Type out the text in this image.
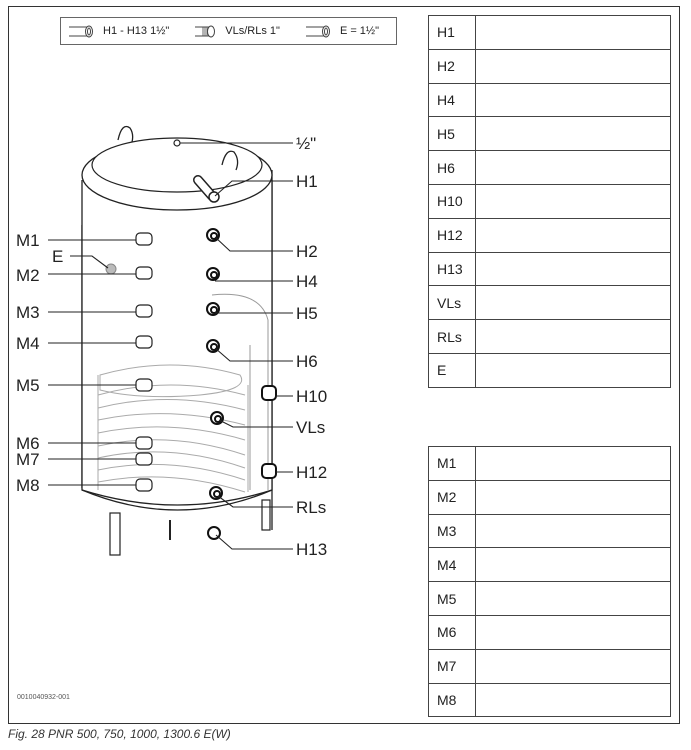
H1 - H13 1½"	VLs/RLs 1"	E = 1½"
½"
H1
H2
H4
H5
H6
H10
VLs
H12
RLs
H13
M1
E
M2
M3
M4
M5
M6
M7
M8
0010040932-001
H1	
H2	
H4	
H5	
H6	
H10	
H12	
H13	
VLs	
RLs	
E	
M1	
M2	
M3	
M4	
M5	
M6	
M7	
M8	
Fig. 28 PNR 500, 750, 1000, 1300.6 E(W)
